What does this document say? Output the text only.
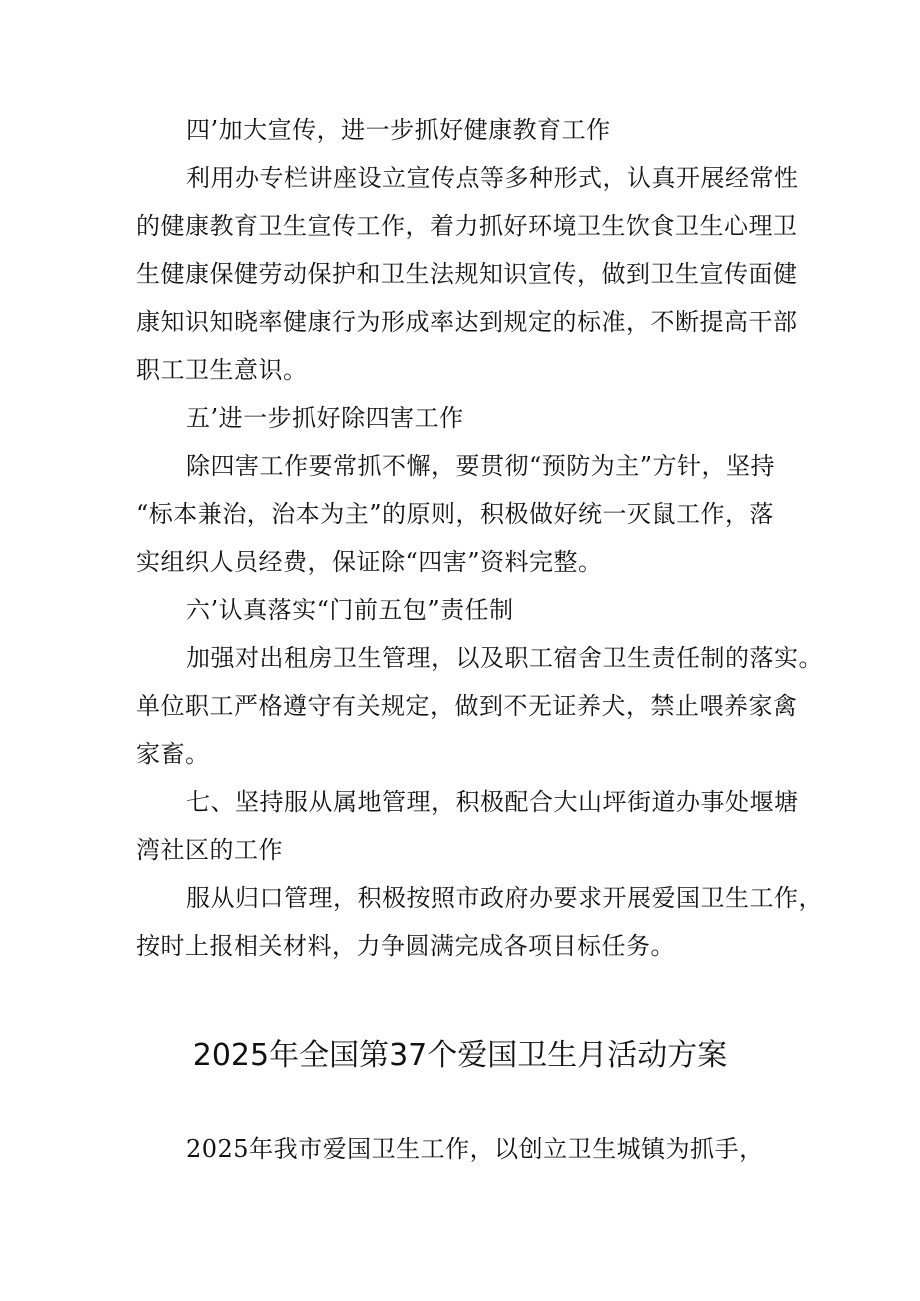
四’加大宣传，进一步抓好健康教育工作
利用办专栏讲座设立宣传点等多种形式，认真开展经常性
的健康教育卫生宣传工作，着力抓好环境卫生饮食卫生心理卫
生健康保健劳动保护和卫生法规知识宣传，做到卫生宣传面健
康知识知晓率健康行为形成率达到规定的标准，不断提高干部
职工卫生意识。
五’进一步抓好除四害工作
除四害工作要常抓不懈，要贯彻“预防为主”方针，坚持
“标本兼治，治本为主”的原则，积极做好统一灭鼠工作，落
实组织人员经费，保证除“四害”资料完整。
六’认真落实“门前五包”责任制
加强对出租房卫生管理，以及职工宿舍卫生责任制的落实。
单位职工严格遵守有关规定，做到不无证养犬，禁止喂养家禽
家畜。
七、坚持服从属地管理，积极配合大山坪街道办事处堰塘
湾社区的工作
服从归口管理，积极按照市政府办要求开展爱国卫生工作，
按时上报相关材料，力争圆满完成各项目标任务。
2025年全国第37个爱国卫生月活动方案
2025年我市爱国卫生工作，以创立卫生城镇为抓手，
